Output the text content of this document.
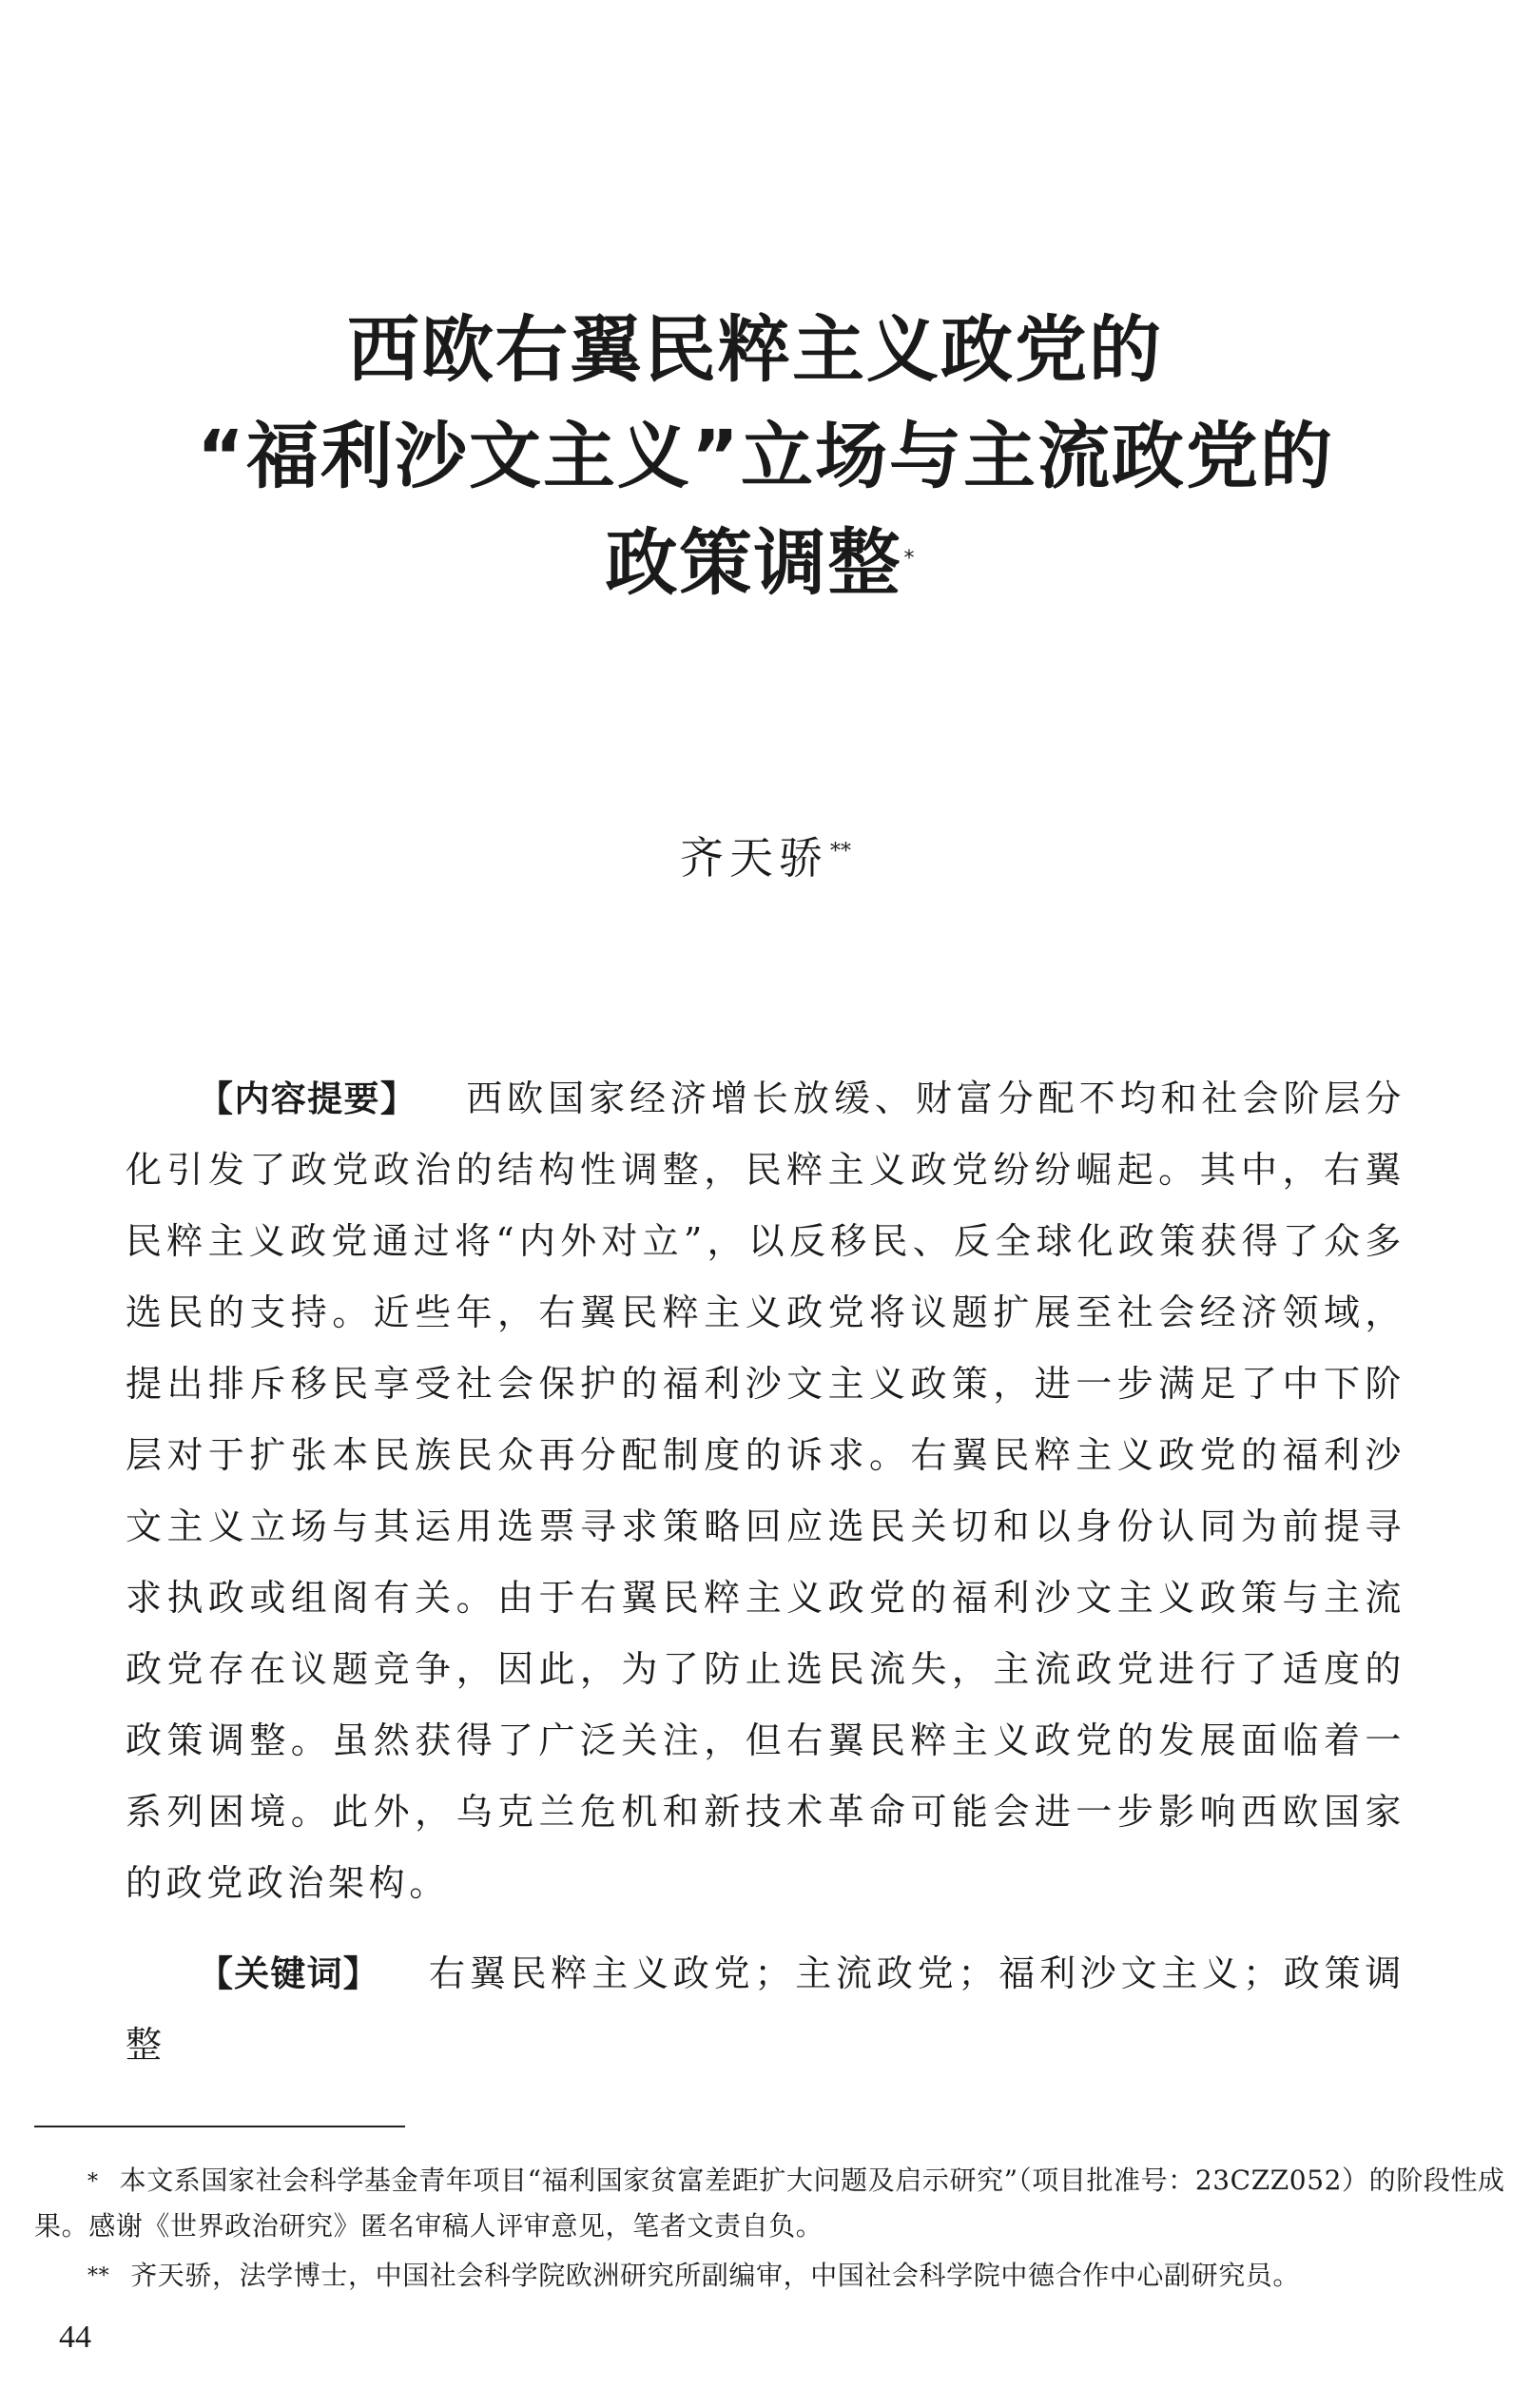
西欧右翼民粹主义政党的
“福利沙文主义”立场与主流政党的
政策调整*
齐天骄**
【内容提要】 西欧国家经济增长放缓、财富分配不均和社会阶层分化引发了政党政治的结构性调整，民粹主义政党纷纷崛起。其中，右翼民粹主义政党通过将“内外对立”，以反移民、反全球化政策获得了众多选民的支持。近些年，右翼民粹主义政党将议题扩展至社会经济领域，提出排斥移民享受社会保护的福利沙文主义政策，进一步满足了中下阶层对于扩张本民族民众再分配制度的诉求。右翼民粹主义政党的福利沙文主义立场与其运用选票寻求策略回应选民关切和以身份认同为前提寻求执政或组阁有关。由于右翼民粹主义政党的福利沙文主义政策与主流政党存在议题竞争，因此，为了防止选民流失，主流政党进行了适度的政策调整。虽然获得了广泛关注，但右翼民粹主义政党的发展面临着一系列困境。此外，乌克兰危机和新技术革命可能会进一步影响西欧国家的政党政治架构。
【关键词】 右翼民粹主义政党；主流政党；福利沙文主义；政策调整

* 本文系国家社会科学基金青年项目“福利国家贫富差距扩大问题及启示研究”（项目批准号：23CZZ052）的阶段性成果。感谢《世界政治研究》匿名审稿人评审意见，笔者文责自负。

** 齐天骄，法学博士，中国社会科学院欧洲研究所副编审，中国社会科学院中德合作中心副研究员。

44
